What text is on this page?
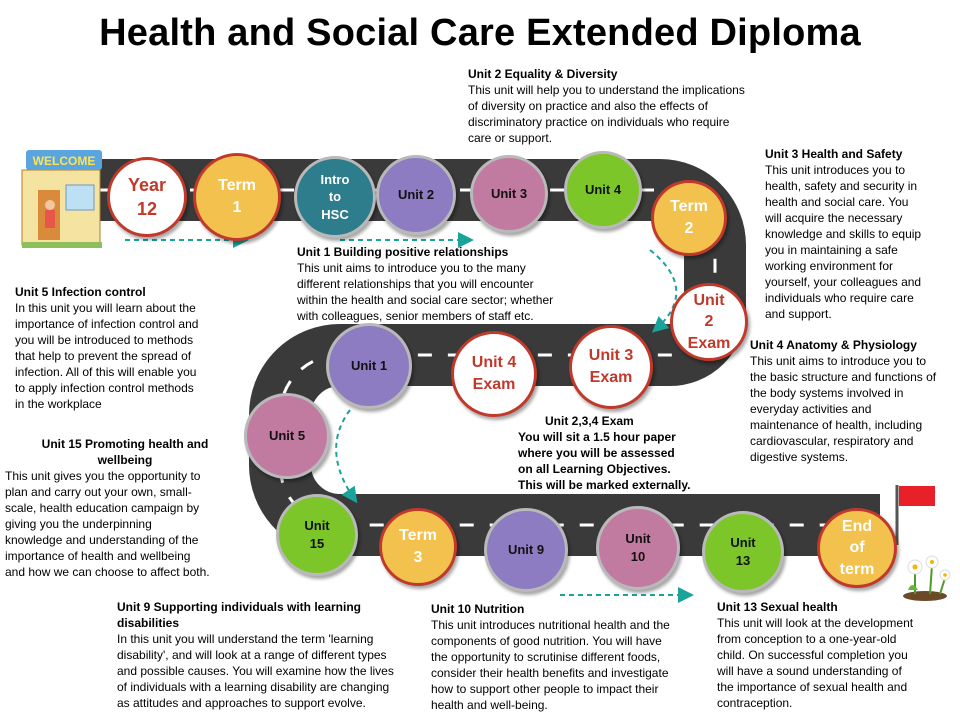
Health and Social Care Extended Diploma
WELCOME
Year
12
Term
1
Intro
to
HSC
Unit 2	Unit 3	Unit 4
Term
2
Unit
2
Exam
Unit 3
Exam
Unit 4
Exam
Unit 1
Unit 5
Unit
15	Term
3	Unit 9
Unit
10
Unit
13
End
of
term
Unit 2 Equality & Diversity
This unit will help you to understand the implications
of diversity on practice and also the effects of
discriminatory practice on individuals who require
care or support.
Unit 3 Health and Safety
This unit introduces you to
health, safety and security in
health and social care. You
will acquire the necessary
knowledge and skills to equip
you in maintaining a safe
working environment for
yourself, your colleagues and
individuals who require care
and support.
Unit 1 Building positive relationships
This unit aims to introduce you to the many
different relationships that you will encounter
within the health and social care sector; whether
with colleagues, senior members of staff etc.
Unit 5 Infection control
In this unit you will learn about the
importance of infection control and
you will be introduced to methods
that help to prevent the spread of
infection. All of this will enable you
to apply infection control methods
in the workplace
Unit 4 Anatomy & Physiology
This unit aims to introduce you to
the basic structure and functions of
the body systems involved in
everyday activities and
maintenance of health, including
cardiovascular, respiratory and
digestive systems.
Unit 2,3,4 Exam
You will sit a 1.5 hour paper
where you will be assessed
on all Learning Objectives.
This will be marked externally.
Unit 15 Promoting health and
wellbeing
This unit gives you the opportunity to
plan and carry out your own, small-
scale, health education campaign by
giving you the underpinning
knowledge and understanding of the
importance of health and wellbeing
and how we can choose to affect both.
Unit 9 Supporting individuals with learning
disabilities
In this unit you will understand the term 'learning
disability', and will look at a range of different types
and possible causes. You will examine how the lives
of individuals with a learning disability are changing
as attitudes and approaches to support evolve.
Unit 10 Nutrition
This unit introduces nutritional health and the
components of good nutrition. You will have
the opportunity to scrutinise different foods,
consider their health benefits and investigate
how to support other people to impact their
health and well-being.
Unit 13 Sexual health
This unit will look at the development
from conception to a one-year-old
child. On successful completion you
will have a sound understanding of
the importance of sexual health and
contraception.
